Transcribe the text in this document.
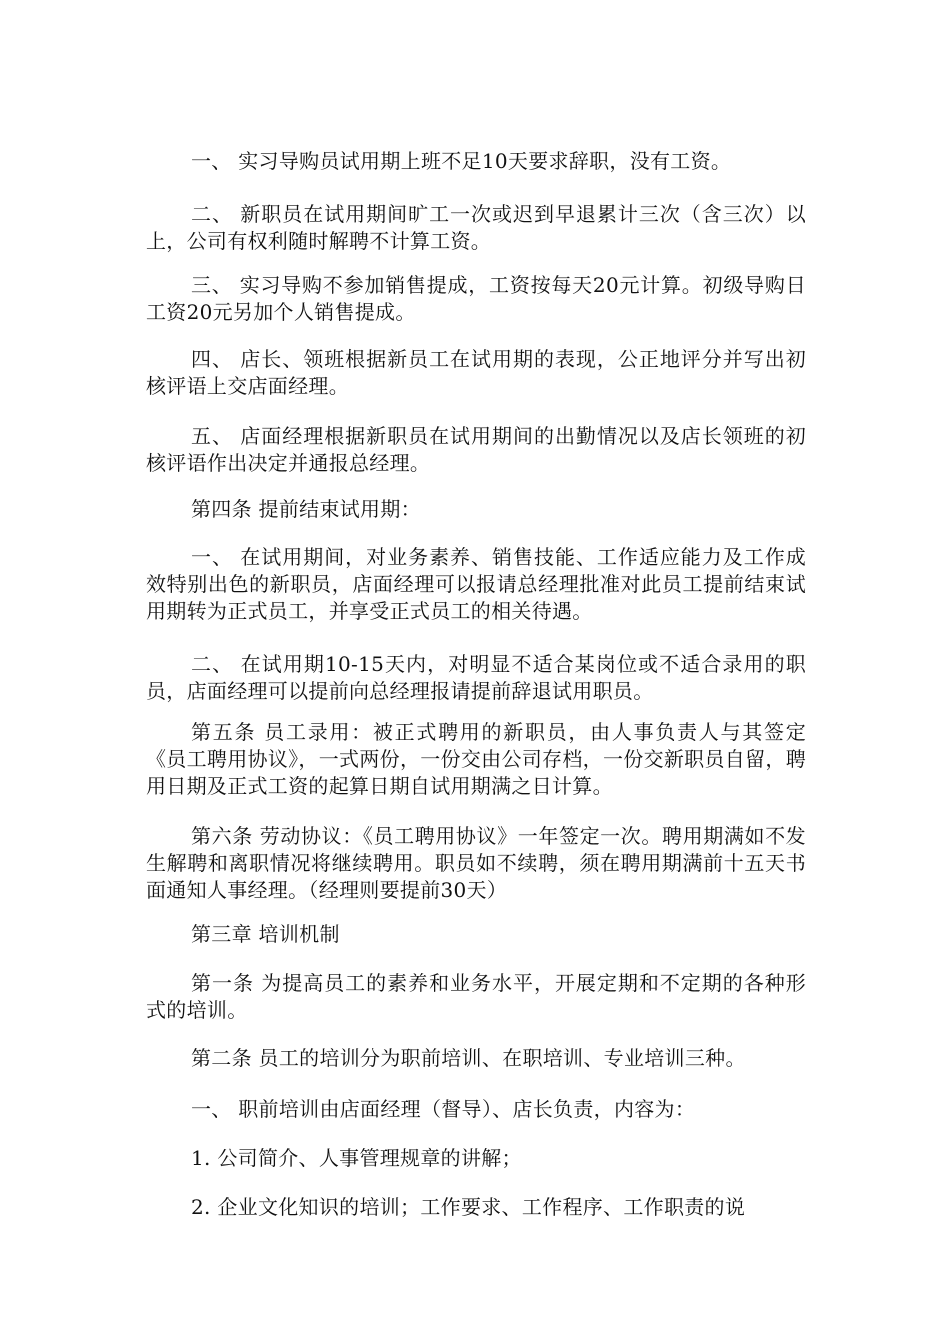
一、 实习导购员试用期上班不足10天要求辞职，没有工资。

二、 新职员在试用期间旷工一次或迟到早退累计三次（含三次）以上，公司有权利随时解聘不计算工资。

三、 实习导购不参加销售提成，工资按每天20元计算。初级导购日工资20元另加个人销售提成。

四、 店长、领班根据新员工在试用期的表现，公正地评分并写出初核评语上交店面经理。

五、 店面经理根据新职员在试用期间的出勤情况以及店长领班的初核评语作出决定并通报总经理。

第四条 提前结束试用期：

一、 在试用期间，对业务素养、销售技能、工作适应能力及工作成效特别出色的新职员，店面经理可以报请总经理批准对此员工提前结束试用期转为正式员工，并享受正式员工的相关待遇。

二、 在试用期10-15天内，对明显不适合某岗位或不适合录用的职员，店面经理可以提前向总经理报请提前辞退试用职员。

第五条 员工录用：被正式聘用的新职员，由人事负责人与其签定《员工聘用协议》，一式两份，一份交由公司存档，一份交新职员自留，聘用日期及正式工资的起算日期自试用期满之日计算。

第六条 劳动协议：《员工聘用协议》一年签定一次。聘用期满如不发生解聘和离职情况将继续聘用。职员如不续聘，须在聘用期满前十五天书面通知人事经理。（经理则要提前30天）

第三章 培训机制

第一条 为提高员工的素养和业务水平，开展定期和不定期的各种形式的培训。

第二条 员工的培训分为职前培训、在职培训、专业培训三种。

一、 职前培训由店面经理（督导）、店长负责，内容为：

1. 公司简介、人事管理规章的讲解；

2. 企业文化知识的培训；工作要求、工作程序、工作职责的说
